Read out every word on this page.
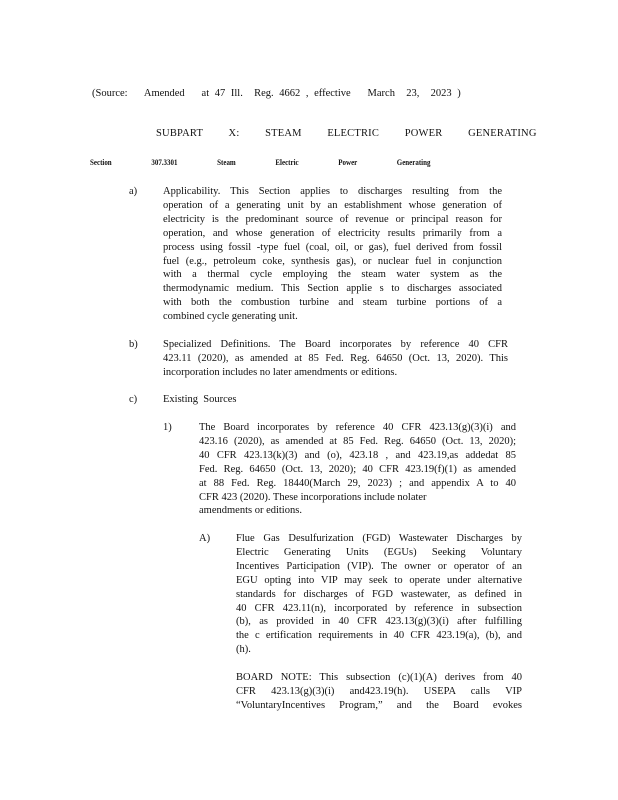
(Source:   Amended   at 47 Ill.  Reg. 4662 , effective   March  23,  2023 )
SUBPART  X:  STEAM  ELECTRIC  POWER  GENERATING
Section   307.3301   Steam   Electric   Power   Generating
a) Applicability. This Section applies to discharges resulting from the
operation of a generating unit by an establishment whose generation of
electricity is the predominant source of revenue or principal reason for
operation, and whose generation of electricity results primarily from a
process using fossil -type fuel (coal, oil, or gas), fuel derived from fossil
fuel (e.g., petroleum coke, synthesis gas), or nuclear fuel in conjunction
with a thermal cycle employing the steam water system as the
thermodynamic medium. This Section applie s to discharges associated
with both the combustion turbine and steam turbine portions of a
combined cycle generating unit.
b) Specialized Definitions. The Board incorporates by reference 40 CFR
423.11 (2020), as amended at 85 Fed. Reg. 64650 (Oct. 13, 2020). This
incorporation includes no later amendments or editions.
c) Existing  Sources
1)	The Board incorporates by reference 40 CFR 423.13(g)(3)(i) and
423.16 (2020), as amended at 85 Fed. Reg. 64650 (Oct. 13, 2020);
40 CFR 423.13(k)(3) and (o), 423.18 , and 423.19,as addedat 85
Fed. Reg. 64650 (Oct. 13, 2020); 40 CFR 423.19(f)(1) as amended
at 88 Fed. Reg. 18440(March 29, 2023) ; and appendix A to 40
CFR 423 (2020). These incorporations include nolater
amendments or editions.
A) Flue Gas Desulfurization (FGD) Wastewater Discharges by
Electric Generating Units (EGUs) Seeking Voluntary
Incentives Participation (VIP). The owner or operator of an
EGU opting into VIP may seek to operate under alternative
standards for discharges of FGD wastewater, as defined in
40 CFR 423.11(n), incorporated by reference in subsection
(b), as provided in 40 CFR 423.13(g)(3)(i) after fulfilling
the c ertification requirements in 40 CFR 423.19(a), (b), and
(h).
BOARD NOTE: This subsection (c)(1)(A) derives from 40
CFR 423.13(g)(3)(i) and423.19(h). USEPA calls VIP
“VoluntaryIncentives Program,” and the Board evokes
